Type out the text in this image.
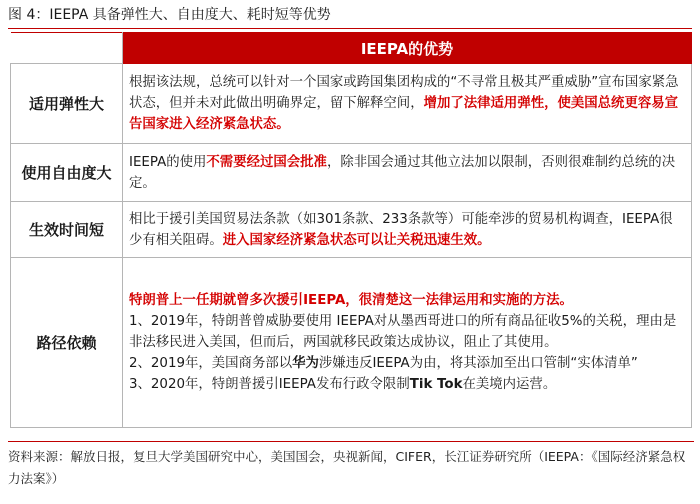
图 4：IEEPA 具备弹性大、自由度大、耗时短等优势
	IEEPA的优势
适用弹性大	根据该法规，总统可以针对一个国家或跨国集团构成的“不寻常且极其严重威胁”宣布国家紧急状态，但并未对此做出明确界定，留下解释空间，增加了法律适用弹性，使美国总统更容易宣告国家进入经济紧急状态。
使用自由度大	IEEPA的使用不需要经过国会批准，除非国会通过其他立法加以限制，否则很难制约总统的决定。
生效时间短	相比于援引美国贸易法条款（如301条款、233条款等）可能牵涉的贸易机构调查，IEEPA很少有相关阻碍。进入国家经济紧急状态可以让关税迅速生效。
路径依赖	特朗普上一任期就曾多次援引IEEPA，很清楚这一法律运用和实施的方法。
1、2019年，特朗普曾威胁要使用 IEEPA对从墨西哥进口的所有商品征收5%的关税，理由是非法移民进入美国，但而后，两国就移民政策达成协议，阻止了其使用。
2、2019年，美国商务部以华为涉嫌违反IEEPA为由，将其添加至出口管制“实体清单”
3、2020年，特朗普援引IEEPA发布行政令限制Tik Tok在美境内运营。
资料来源：解放日报，复旦大学美国研究中心，美国国会，央视新闻，CIFER，长江证券研究所（IEEPA：《国际经济紧急权力法案》）
